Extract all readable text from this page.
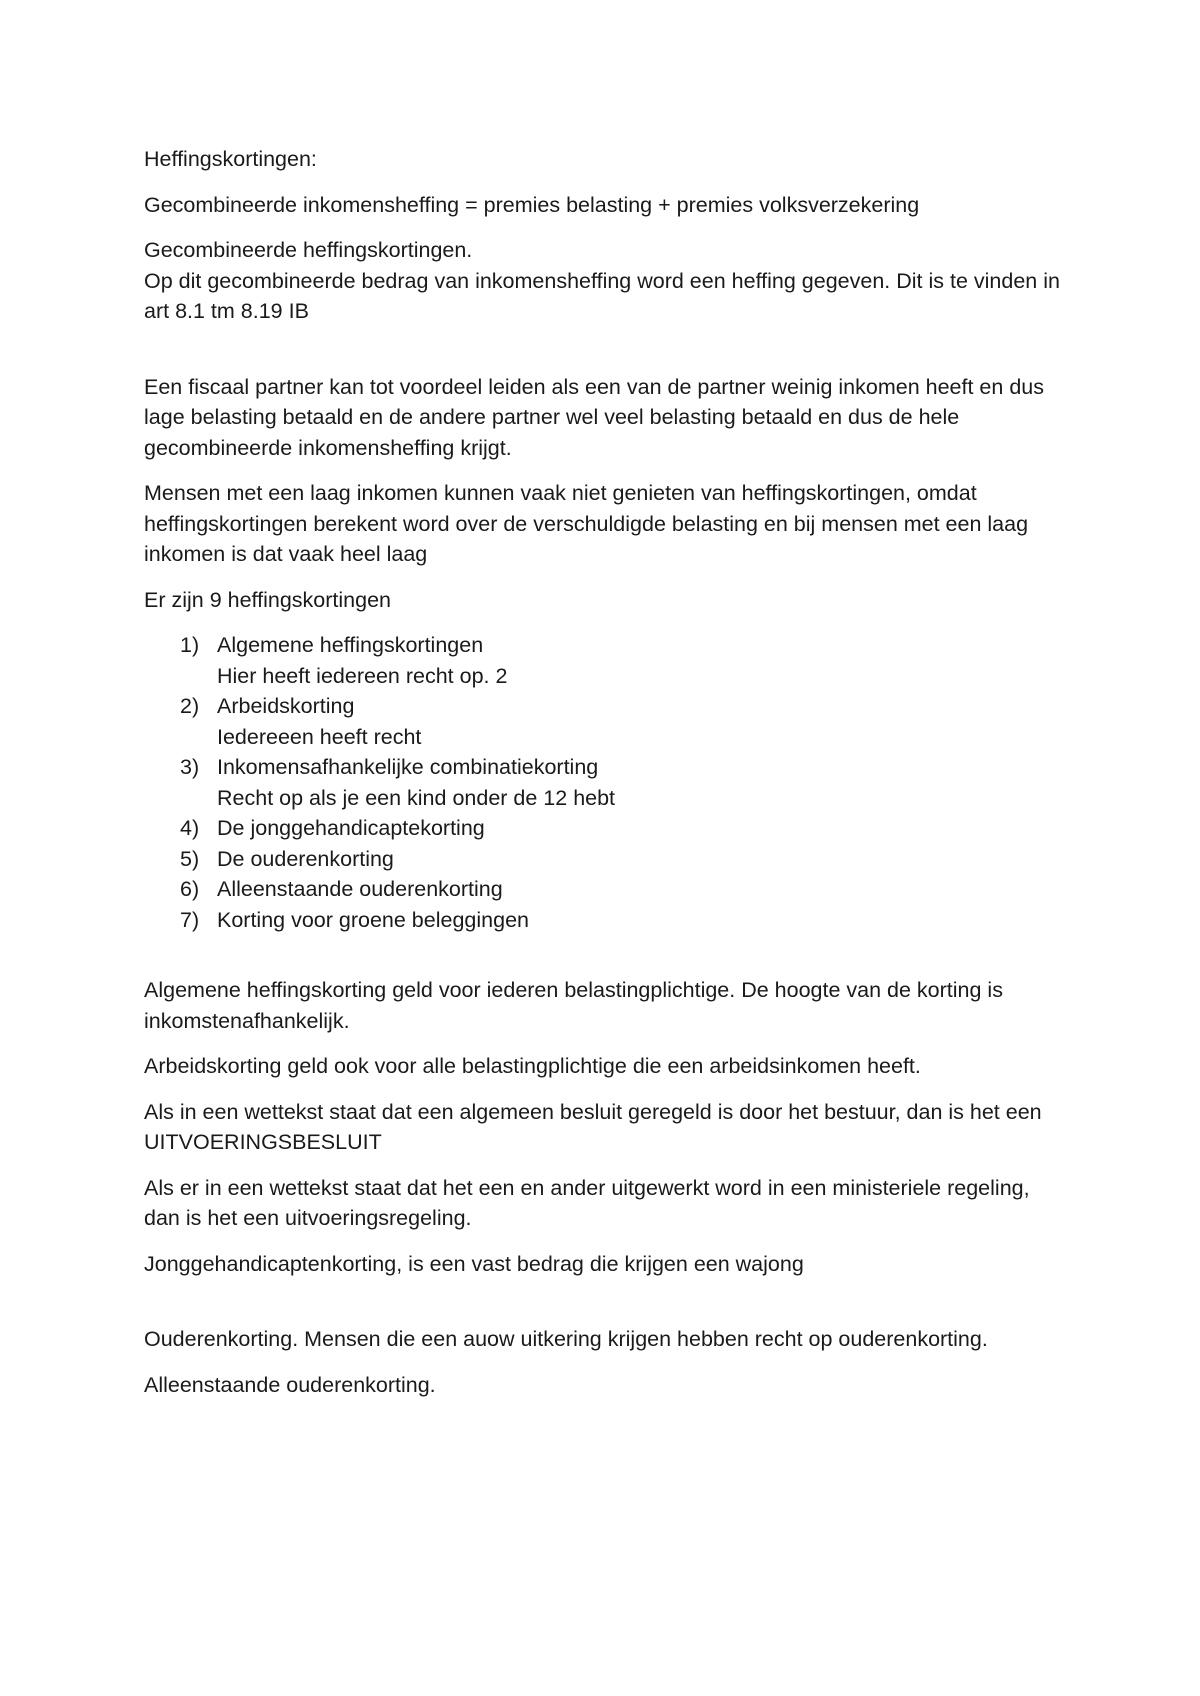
Heffingskortingen:

Gecombineerde inkomensheffing = premies belasting + premies volksverzekering

Gecombineerde heffingskortingen.
Op dit gecombineerde bedrag van inkomensheffing word een heffing gegeven. Dit is te vinden in art 8.1 tm 8.19 IB

Een fiscaal partner kan tot voordeel leiden als een van de partner weinig inkomen heeft en dus lage belasting betaald en de andere partner wel veel belasting betaald en dus de hele gecombineerde inkomensheffing krijgt.

Mensen met een laag inkomen kunnen vaak niet genieten van heffingskortingen, omdat heffingskortingen berekent word over de verschuldigde belasting en bij mensen met een laag inkomen is dat vaak heel laag

Er zijn 9 heffingskortingen

1) Algemene heffingskortingen
Hier heeft iedereen recht op. 2
2) Arbeidskorting
Iedereeen heeft recht
3) Inkomensafhankelijke combinatiekorting
Recht op als je een kind onder de 12 hebt
4) De jonggehandicaptekorting
5) De ouderenkorting
6) Alleenstaande ouderenkorting
7) Korting voor groene beleggingen

Algemene heffingskorting geld voor iederen belastingplichtige. De hoogte van de korting is inkomstenafhankelijk.

Arbeidskorting geld ook voor alle belastingplichtige die een arbeidsinkomen heeft.

Als in een wettekst staat dat een algemeen besluit geregeld is door het bestuur, dan is het een UITVOERINGSBESLUIT

Als er in een wettekst staat dat het een en ander uitgewerkt word in een ministeriele regeling, dan is het een uitvoeringsregeling.

Jonggehandicaptenkorting, is een vast bedrag die krijgen een wajong

Ouderenkorting. Mensen die een auow uitkering krijgen hebben recht op ouderenkorting.

Alleenstaande ouderenkorting.
